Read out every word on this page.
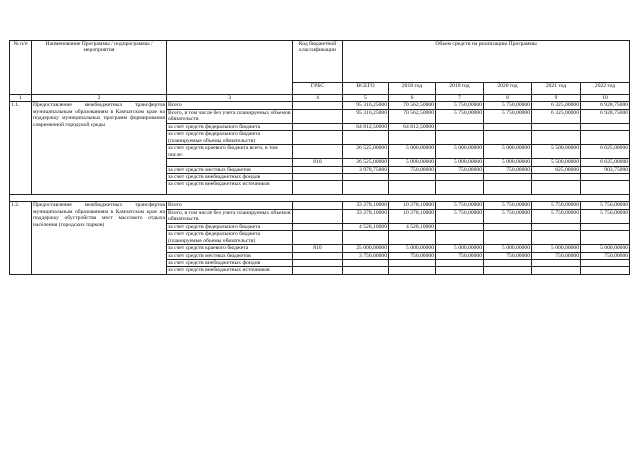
№ п/п	Наименование Программы / подпрограммы / мероприятия		Код бюджетной классификации	Объем средств на реализацию Программы					
			ГРБС	ВСЕГО	2018 год	2019 год	2020 год	2021 год	2022 год
1	2	3	4	5	6	7	8	9	10
1.1.	Предоставление межбюджетных трансфертов муниципальным образованиям в Камчатском крае на поддержку муниципальных программ формирования современной городской среды	Всего		95 316,25000	70 562,50000	5 750,00000	5 750,00000	6 325,00000	6 928,75000
		Всего, в том числе без учета планируемых объемов обязательств		95 316,25000	70 562,50000	5 750,00000	5 750,00000	6 325,00000	6 928,75000
		за счет средств федерального бюджета		64 812,50000	64 812,50000				
		за счет средств федерального бюджета (планируемые объемы обязательств)							
		за счет средств краевого бюджета всего, в том числе:		26 525,00000	5 000,00000	5 000,00000	5 000,00000	5 500,00000	6 025,00000
			810	26 525,00000	5 000,00000	5 000,00000	5 000,00000	5 500,00000	6 025,00000
		за счет средств местных бюджетов		3 978,75000	750,00000	750,00000	750,00000	825,00000	903,75000
		за счет средств внебюджетных фондов							
		за счет средств внебюджетных источников							

1.2.	Предоставление межбюджетных трансфертов муниципальным образованиям в Камчатском крае на поддержку обустройства мест массового отдыха населения (городских парков)	Всего		33 278,10000	10 278,10000	5 750,00000	5 750,00000	5 750,00000	5 750,00000
		Всего, в том числе без учета планируемых объемов обязательств		33 278,10000	10 278,10000	5 750,00000	5 750,00000	5 750,00000	5 750,00000
		за счет средств федерального бюджета		4 528,10000	4 528,10000				
		за счет средств федерального бюджета (планируемые объемы обязательств)							
		за счет средств краевого бюджета	810	25 000,00000	5 000,00000	5 000,00000	5 000,00000	5 000,00000	5 000,00000
		за счет средств местных бюджетов		3 750,00000	750,00000	750,00000	750,00000	750,00000	750,00000
		за счет средств внебюджетных фондов							
		за счет средств внебюджетных источников							
